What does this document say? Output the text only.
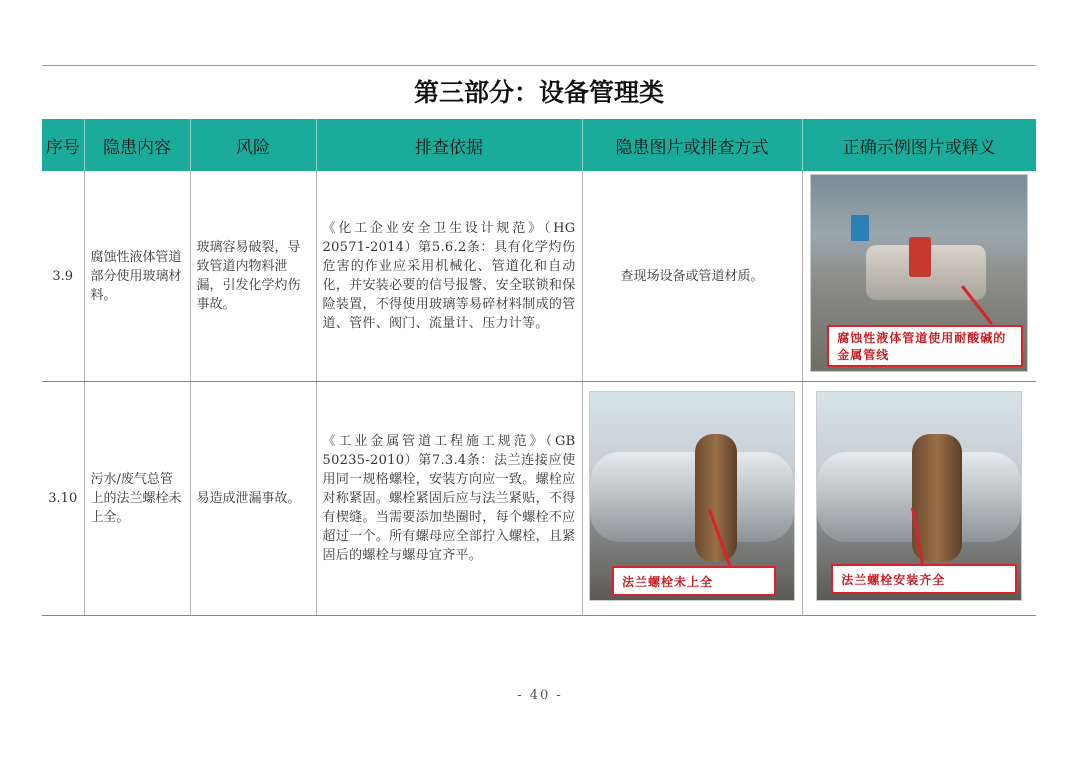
第三部分：设备管理类
序号	隐患内容	风险	排查依据	隐患图片或排查方式	正确示例图片或释义
3.9	腐蚀性液体管道部分使用玻璃材料。	玻璃容易破裂，导致管道内物料泄漏，引发化学灼伤事故。	《化工企业安全卫生设计规范》（HG 20571-2014）第5.6.2条：具有化学灼伤危害的作业应采用机械化、管道化和自动化，并安装必要的信号报警、安全联锁和保险装置，不得使用玻璃等易碎材料制成的管道、管件、阀门、流量计、压力计等。	查现场设备或管道材质。	腐蚀性液体管道使用耐酸碱的金属管线

3.10	污水/废气总管上的法兰螺栓未上全。	易造成泄漏事故。	《工业金属管道工程施工规范》（GB 50235-2010）第7.3.4条：法兰连接应使用同一规格螺栓，安装方向应一致。螺栓应对称紧固。螺栓紧固后应与法兰紧贴，不得有楔缝。当需要添加垫圈时，每个螺栓不应超过一个。所有螺母应全部拧入螺栓，且紧固后的螺栓与螺母宜齐平。	法兰螺栓未上全	法兰螺栓安装齐全
- 40 -
